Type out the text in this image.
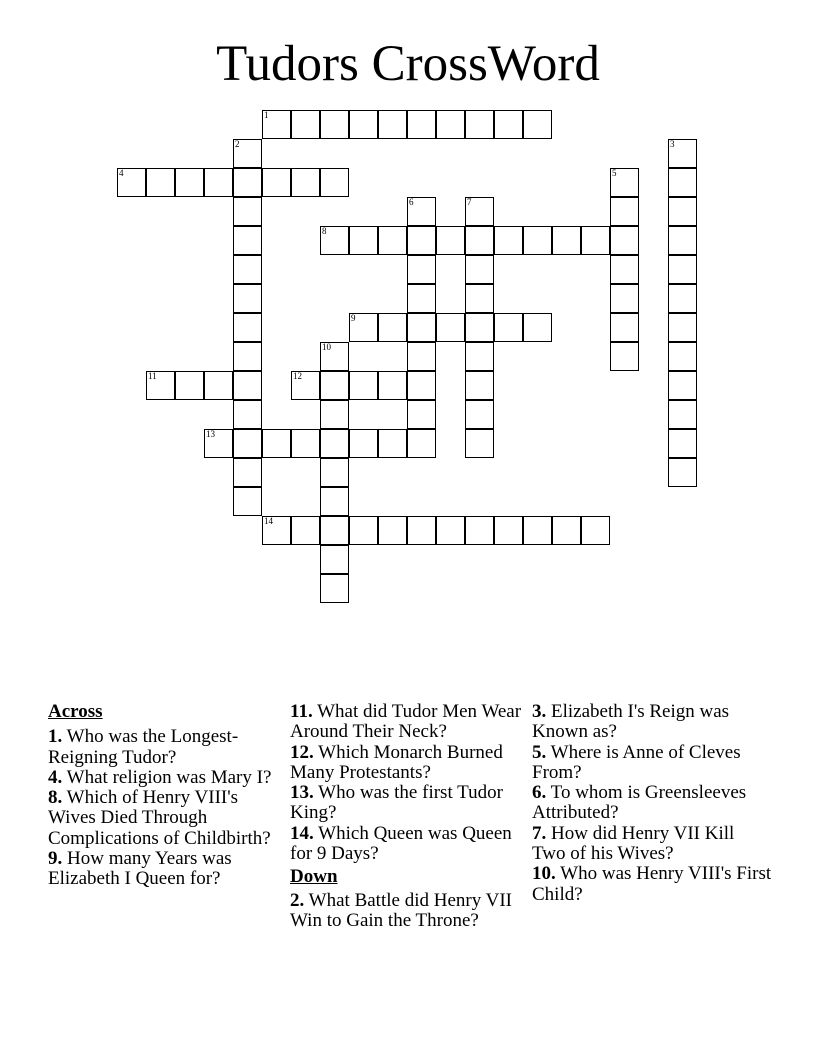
Tudors CrossWord
1
4
8
9
11	12
13
14
2	3
5
6	7
10
Across
1. Who was the Longest-Reigning Tudor?
4. What religion was Mary I?
8. Which of Henry VIII's Wives Died Through Complications of Childbirth?
9. How many Years was Elizabeth I Queen for?
11. What did Tudor Men Wear Around Their Neck?
12. Which Monarch Burned Many Protestants?
13. Who was the first Tudor King?
14. Which Queen was Queen for 9 Days?
Down
2. What Battle did Henry VII Win to Gain the Throne?
3. Elizabeth I's Reign was Known as?
5. Where is Anne of Cleves From?
6. To whom is Greensleeves Attributed?
7. How did Henry VII Kill Two of his Wives?
10. Who was Henry VIII's First Child?
